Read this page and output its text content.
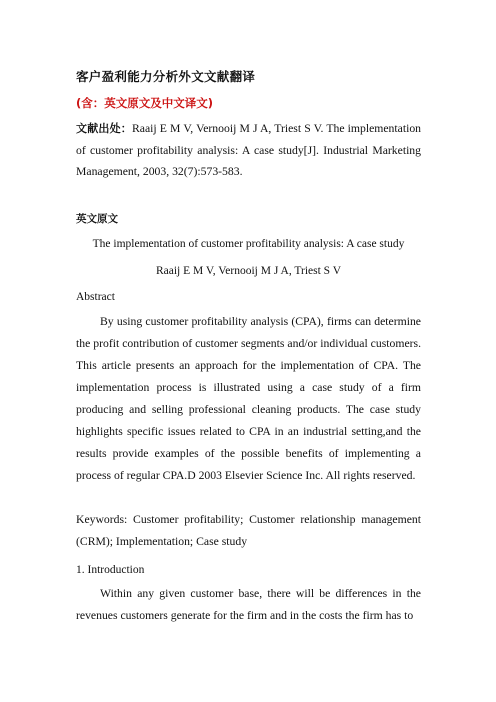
客户盈利能力分析外文文献翻译
(含：英文原文及中文译文)
文献出处：Raaij E M V, Vernooij M J A, Triest S V. The implementation of customer profitability analysis: A case study[J]. Industrial Marketing Management, 2003, 32(7):573-583.
英文原文
The implementation of customer profitability analysis: A case study
Raaij E M V, Vernooij M J A, Triest S V
Abstract
By using customer profitability analysis (CPA), firms can determine the profit contribution of customer segments and/or individual customers. This article presents an approach for the implementation of CPA. The implementation process is illustrated using a case study of a firm producing and selling professional cleaning products. The case study highlights specific issues related to CPA in an industrial setting,and the results provide examples of the possible benefits of implementing a process of regular CPA.D 2003 Elsevier Science Inc. All rights reserved.
Keywords: Customer profitability; Customer relationship management (CRM); Implementation; Case study
1. Introduction
Within any given customer base, there will be differences in the revenues customers generate for the firm and in the costs the firm has to
